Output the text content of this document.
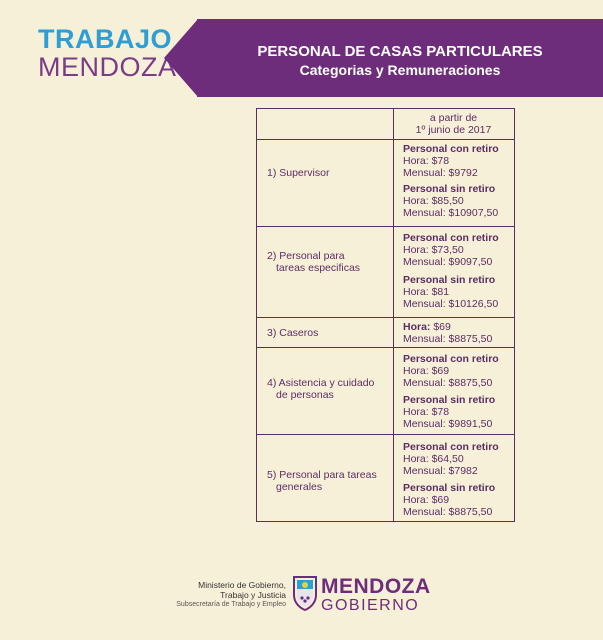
TRABAJO
MENDOZA
PERSONAL DE CASAS PARTICULARES
Categorias y Remuneraciones
a partir de
1º junio de 2017
1) Supervisor
Personal con retiro
Hora: $78
Mensual: $9792
Personal sin retiro
Hora: $85,50
Mensual: $10907,50
2) Personal para
tareas especificas
Personal con retiro
Hora: $73,50
Mensual: $9097,50
Personal sin retiro
Hora: $81
Mensual: $10126,50
3) Caseros	Hora: $69
Mensual: $8875,50
4) Asistencia y cuidado
de personas
Personal con retiro
Hora: $69
Mensual: $8875,50
Personal sin retiro
Hora: $78
Mensual: $9891,50
5) Personal para tareas
generales
Personal con retiro
Hora: $64,50
Mensual: $7982
Personal sin retiro
Hora: $69
Mensual: $8875,50
Ministerio de Gobierno,
Trabajo y Justicia
Subsecretaría de Trabajo y Empleo
MENDOZA
GOBIERNO
